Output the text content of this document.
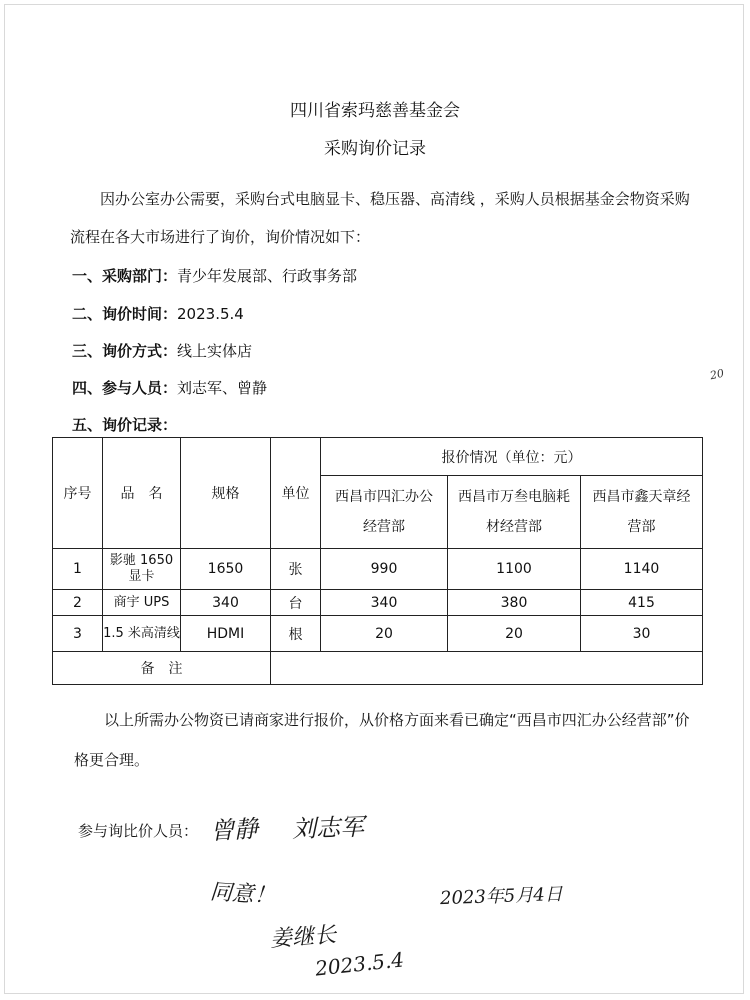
四川省索玛慈善基金会
采购询价记录
因办公室办公需要，采购台式电脑显卡、稳压器、高清线 ，采购人员根据基金会物资采购流程在各大市场进行了询价，询价情况如下：
一、采购部门：青少年发展部、行政事务部
二、询价时间：2023.5.4
三、询价方式：线上实体店
四、参与人员：刘志军、曾静
五、询价记录：
序号	品　名	规格	单位	报价情况（单位：元）		
				西昌市四汇办公经营部	西昌市万叁电脑耗材经营部	西昌市鑫天章经营部
1	影驰 1650 显卡	1650	张	990	1100	1140
2	商宇 UPS	340	台	340	380	415
3	1.5 米高清线	HDMI	根	20	20	30
备　注						
以上所需办公物资已请商家进行报价，从价格方面来看已确定“西昌市四汇办公经营部”价格更合理。
参与询比价人员： 曾静 刘志军
同意！	2023年5月4日
姜继长
2023.5.4
20
